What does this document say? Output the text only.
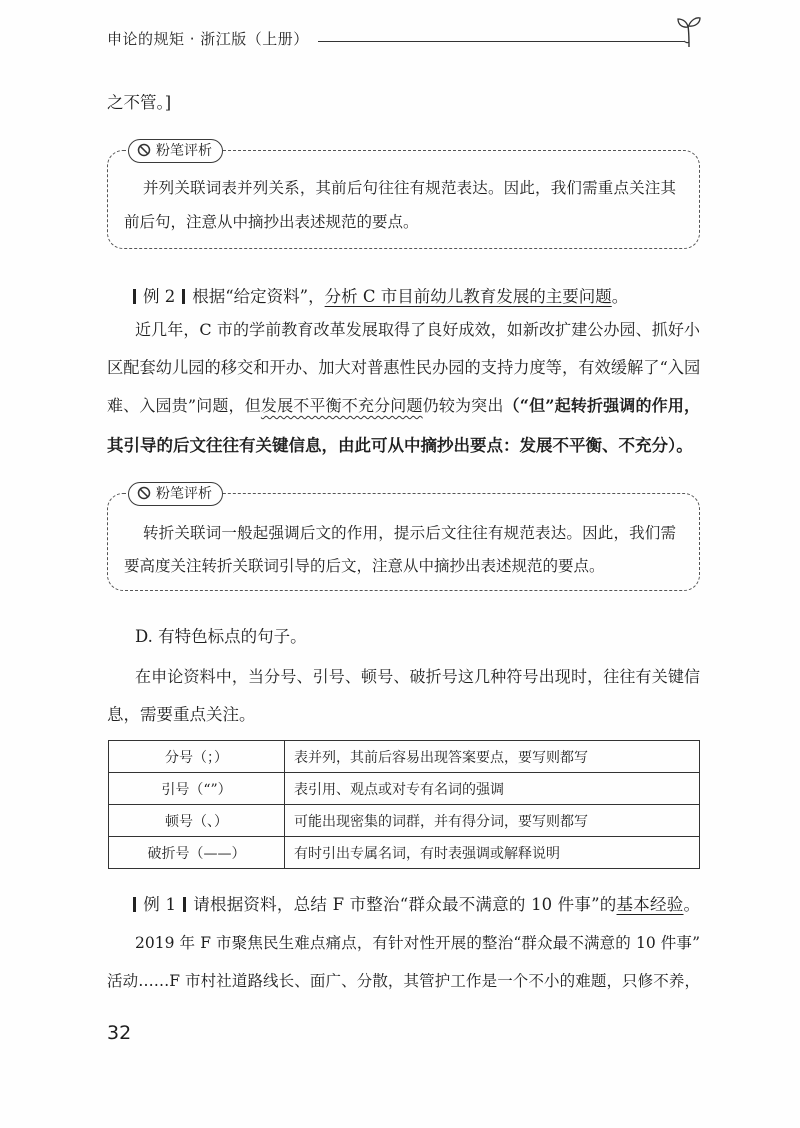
申论的规矩 · 浙江版（上册）
之不管。]
粉笔评析
并列关联词表并列关系，其前后句往往有规范表达。因此，我们需重点关注其
前后句，注意从中摘抄出表述规范的要点。
例 2 根据“给定资料”，分析 C 市目前幼儿教育发展的主要问题。
近几年，C 市的学前教育改革发展取得了良好成效，如新改扩建公办园、抓好小
区配套幼儿园的移交和开办、加大对普惠性民办园的支持力度等，有效缓解了“入园
难、入园贵”问题，但发展不平衡不充分问题仍较为突出（“但”起转折强调的作用，
其引导的后文往往有关键信息，由此可从中摘抄出要点：发展不平衡、不充分）。
粉笔评析
转折关联词一般起强调后文的作用，提示后文往往有规范表达。因此，我们需
要高度关注转折关联词引导的后文，注意从中摘抄出表述规范的要点。
D. 有特色标点的句子。
在申论资料中，当分号、引号、顿号、破折号这几种符号出现时，往往有关键信
息，需要重点关注。
分号（；）	表并列，其前后容易出现答案要点，要写则都写
引号（“”）	表引用、观点或对专有名词的强调
顿号（、）	可能出现密集的词群，并有得分词，要写则都写
破折号（——）	有时引出专属名词，有时表强调或解释说明
例 1 请根据资料，总结 F 市整治“群众最不满意的 10 件事”的基本经验。
2019 年 F 市聚焦民生难点痛点，有针对性开展的整治“群众最不满意的 10 件事”
活动……F 市村社道路线长、面广、分散，其管护工作是一个不小的难题，只修不养，
32
